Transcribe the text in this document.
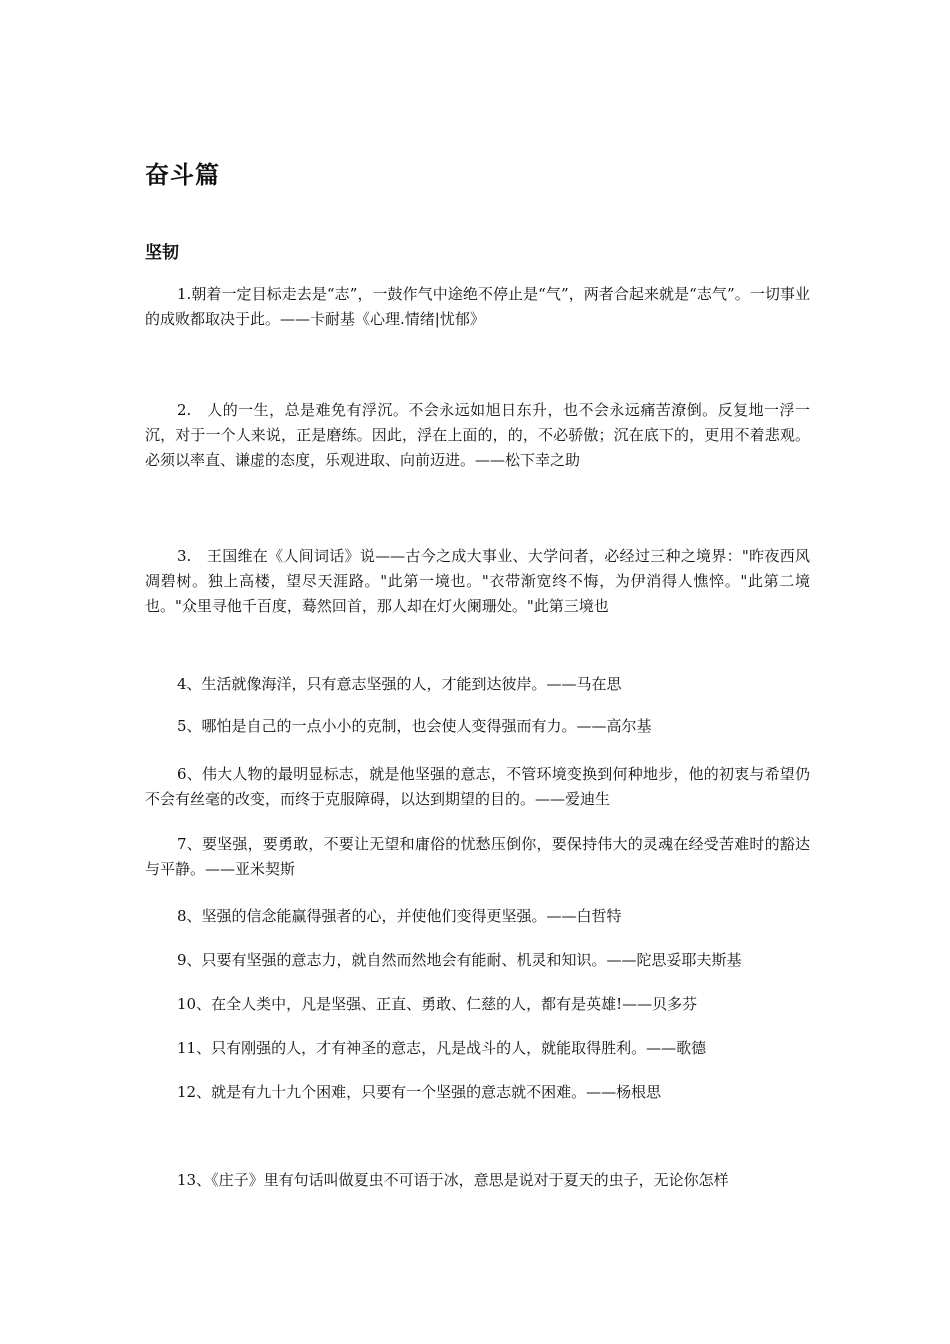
奋斗篇
坚韧

1.朝着一定目标走去是“志”，一鼓作气中途绝不停止是“气”，两者合起来就是“志气”。一切事业的成败都取决于此。——卡耐基《心理.情绪|忧郁》

2.　人的一生，总是难免有浮沉。不会永远如旭日东升，也不会永远痛苦潦倒。反复地一浮一沉，对于一个人来说，正是磨练。因此，浮在上面的，的，不必骄傲；沉在底下的，更用不着悲观。必须以率直、谦虚的态度，乐观进取、向前迈进。——松下幸之助

3.　王国维在《人间词话》说——古今之成大事业、大学问者，必经过三种之境界："昨夜西风凋碧树。独上高楼，望尽天涯路。"此第一境也。"衣带渐宽终不悔，为伊消得人憔悴。"此第二境也。"众里寻他千百度，蓦然回首，那人却在灯火阑珊处。"此第三境也

4、生活就像海洋，只有意志坚强的人，才能到达彼岸。——马在思

5、哪怕是自己的一点小小的克制，也会使人变得强而有力。——高尔基

6、伟大人物的最明显标志，就是他坚强的意志，不管环境变换到何种地步，他的初衷与希望仍不会有丝毫的改变，而终于克服障碍，以达到期望的目的。——爱迪生

7、要坚强，要勇敢，不要让无望和庸俗的忧愁压倒你，要保持伟大的灵魂在经受苦难时的豁达与平静。——亚米契斯

8、坚强的信念能赢得强者的心，并使他们变得更坚强。——白哲特

9、只要有坚强的意志力，就自然而然地会有能耐、机灵和知识。——陀思妥耶夫斯基

10、在全人类中，凡是坚强、正直、勇敢、仁慈的人，都有是英雄!——贝多芬

11、只有刚强的人，才有神圣的意志，凡是战斗的人，就能取得胜利。——歌德

12、就是有九十九个困难，只要有一个坚强的意志就不困难。——杨根思

13、《庄子》里有句话叫做夏虫不可语于冰，意思是说对于夏天的虫子，无论你怎样
